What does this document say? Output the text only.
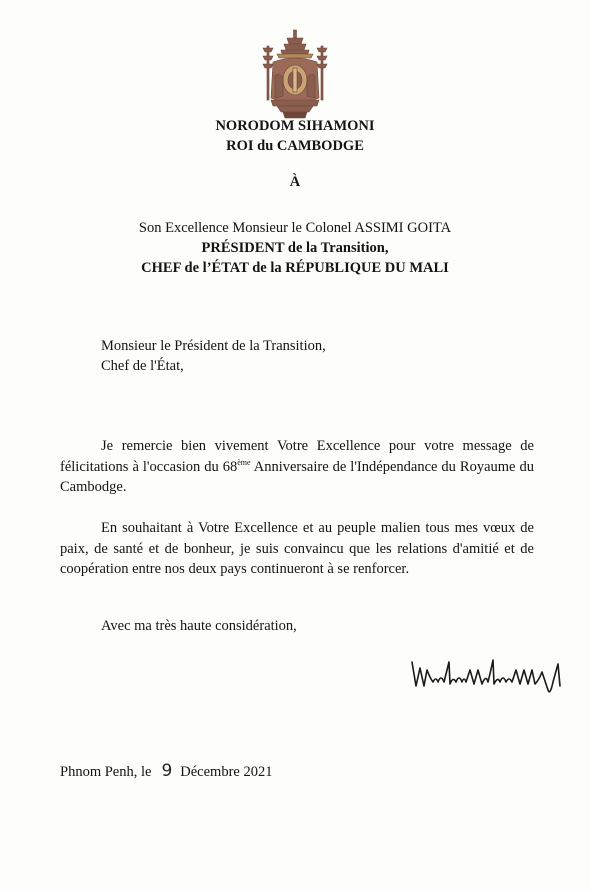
NORODOM SIHAMONI
ROI du CAMBODGE
À
Son Excellence Monsieur le Colonel ASSIMI GOITA
PRÉSIDENT de la Transition,
CHEF de l’ÉTAT de la RÉPUBLIQUE DU MALI
Monsieur le Président de la Transition,
Chef de l'État,
Je remercie bien vivement Votre Excellence pour votre message de félicitations à l'occasion du 68ème Anniversaire de l'Indépendance du Royaume du Cambodge.
En souhaitant à Votre Excellence et au peuple malien tous mes vœux de paix, de santé et de bonheur, je suis convaincu que les relations d'amitié et de coopération entre nos deux pays continueront à se renforcer.
Avec ma très haute considération,
Phnom Penh, le 9 Décembre 2021
